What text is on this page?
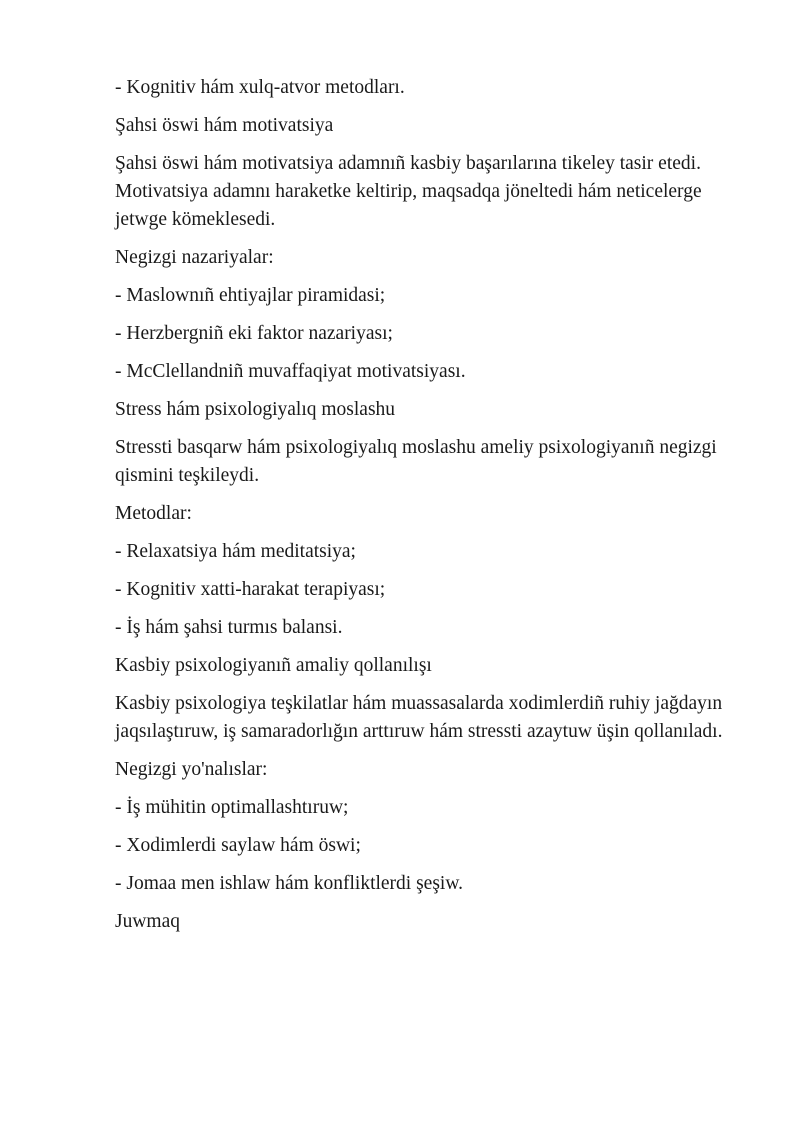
- Kognitiv hám xulq-atvor metodları.

Şahsi öswi hám motivatsiya

Şahsi öswi hám motivatsiya adamnıñ kasbiy başarılarına tikeley tasir etedi. Motivatsiya adamnı haraketke keltirip, maqsadqa jöneltedi hám neticelerge jetwge kömeklesedi.

Negizgi nazariyalar:

- Maslownıñ ehtiyajlar piramidasi;

- Herzbergniñ eki faktor nazariyası;

- McClellandniñ muvaffaqiyat motivatsiyası.

Stress hám psixologiyalıq moslashu

Stressti basqarw hám psixologiyalıq moslashu ameliy psixologiyanıñ negizgi qismini teşkileydi.

Metodlar:

- Relaxatsiya hám meditatsiya;

- Kognitiv xatti-harakat terapiyası;

- İş hám şahsi turmıs balansi.

Kasbiy psixologiyanıñ amaliy qollanılışı

Kasbiy psixologiya teşkilatlar hám muassasalarda xodimlerdiñ ruhiy jağdayın jaqsılaştıruw, iş samaradorlığın arttıruw hám stressti azaytuw üşin qollanıladı.

Negizgi yo'nalıslar:

- İş mühitin optimallashtıruw;

- Xodimlerdi saylaw hám öswi;

- Jomaa men ishlaw hám konfliktlerdi şeşiw.

Juwmaq
